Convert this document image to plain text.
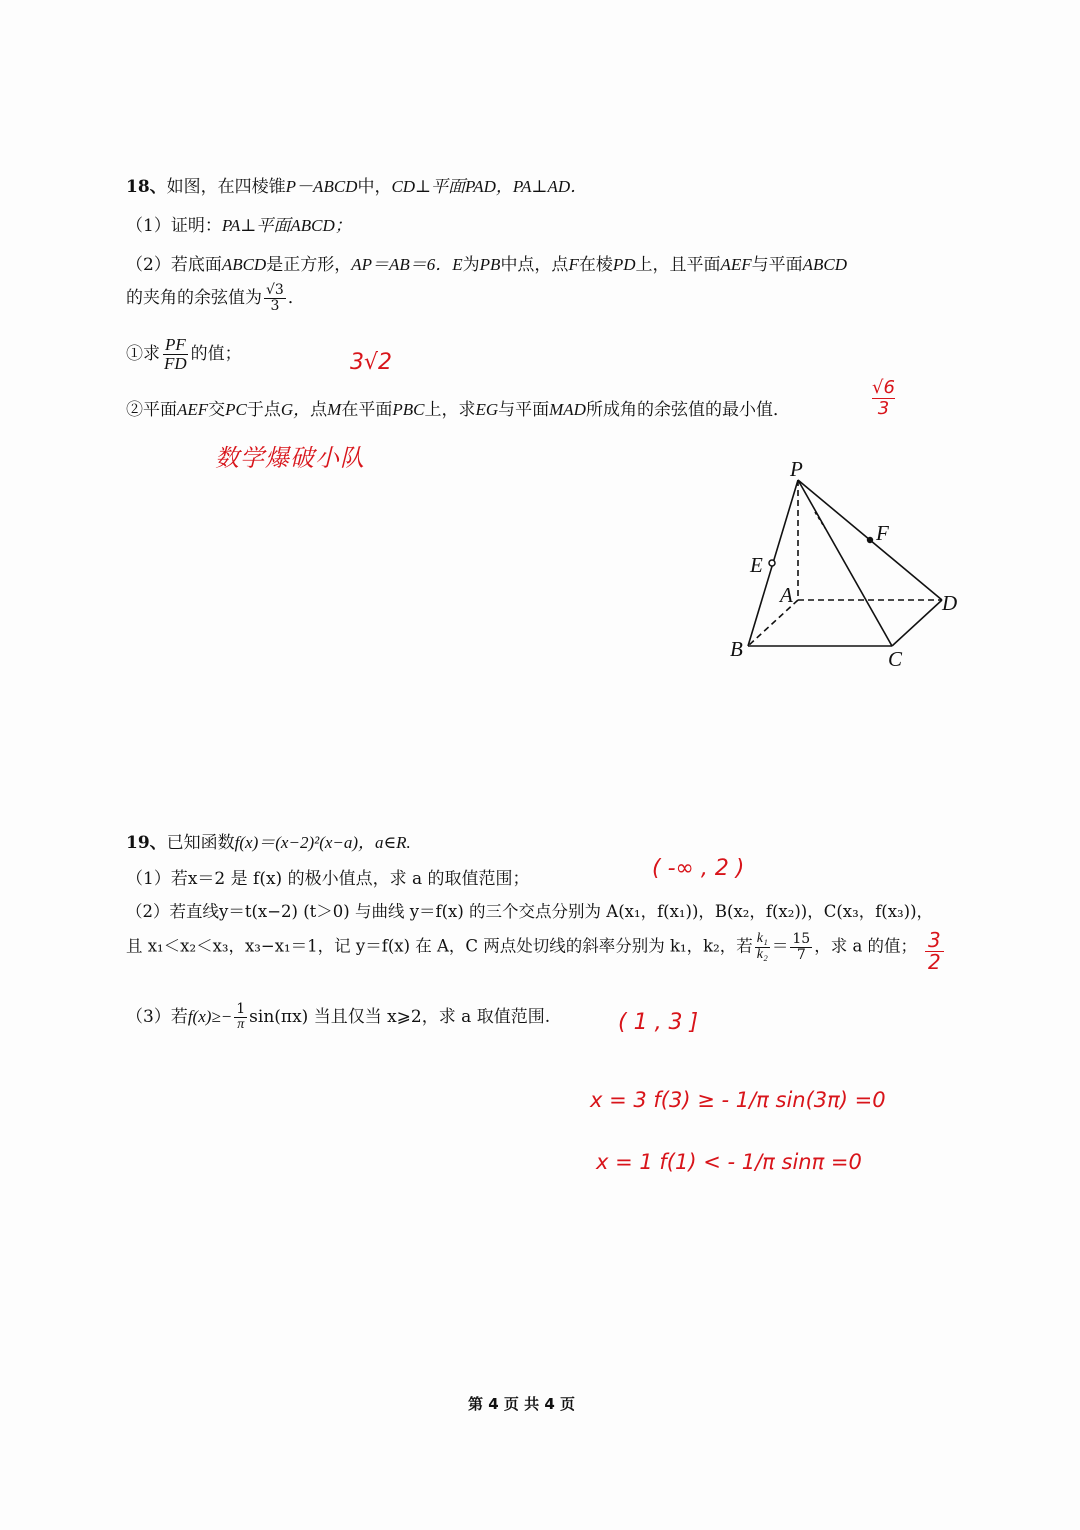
18、如图，在四棱锥P－ABCD中，CD⊥平面PAD，PA⊥AD．
（1）证明：PA⊥平面ABCD；
（2）若底面ABCD是正方形，AP＝AB＝6．E为PB中点，点F在棱PD上，且平面AEF与平面ABCD
的夹角的余弦值为 $\frac{√3}{3}$ ．
①求 $\frac{PF}{FD}$ 的值；
②平面AEF交PC于点G，点M在平面PBC上，求EG与平面MAD所成角的余弦值的最小值．
3√2
$\frac{√6}{3}$
数学爆破小队	P
A
B	C
D
E
F
19、已知函数f(x)＝(x−2)²(x−a)，a∈R.
（1）若x＝2 是 f(x) 的极小值点，求 a 的取值范围；
（2）若直线y＝t(x−2) (t＞0) 与曲线 y＝f(x) 的三个交点分别为 A(x₁，f(x₁))，B(x₂，f(x₂))，C(x₃，f(x₃))，
且 x₁＜x₂＜x₃，x₃−x₁＝1，记 y＝f(x) 在 A，C 两点处切线的斜率分别为 k₁，k₂，若 $\frac{\text{k₁}}{\text{k₂}} = \frac{15}{7}$ ，求 a 的值；
（3）若$f(x)\ge- \frac{1}{\pi} \sin(\pi x)$ 当且仅当 x⩾2，求 a 取值范围.
( -∞ , 2 )
$\frac{3}{2}$
( 1 , 3 ]
x = 3 f(3) ≥ - 1/π sin(3π) =0
x = 1 f(1) < - 1/π sinπ =0
第 4 页 共 4 页
